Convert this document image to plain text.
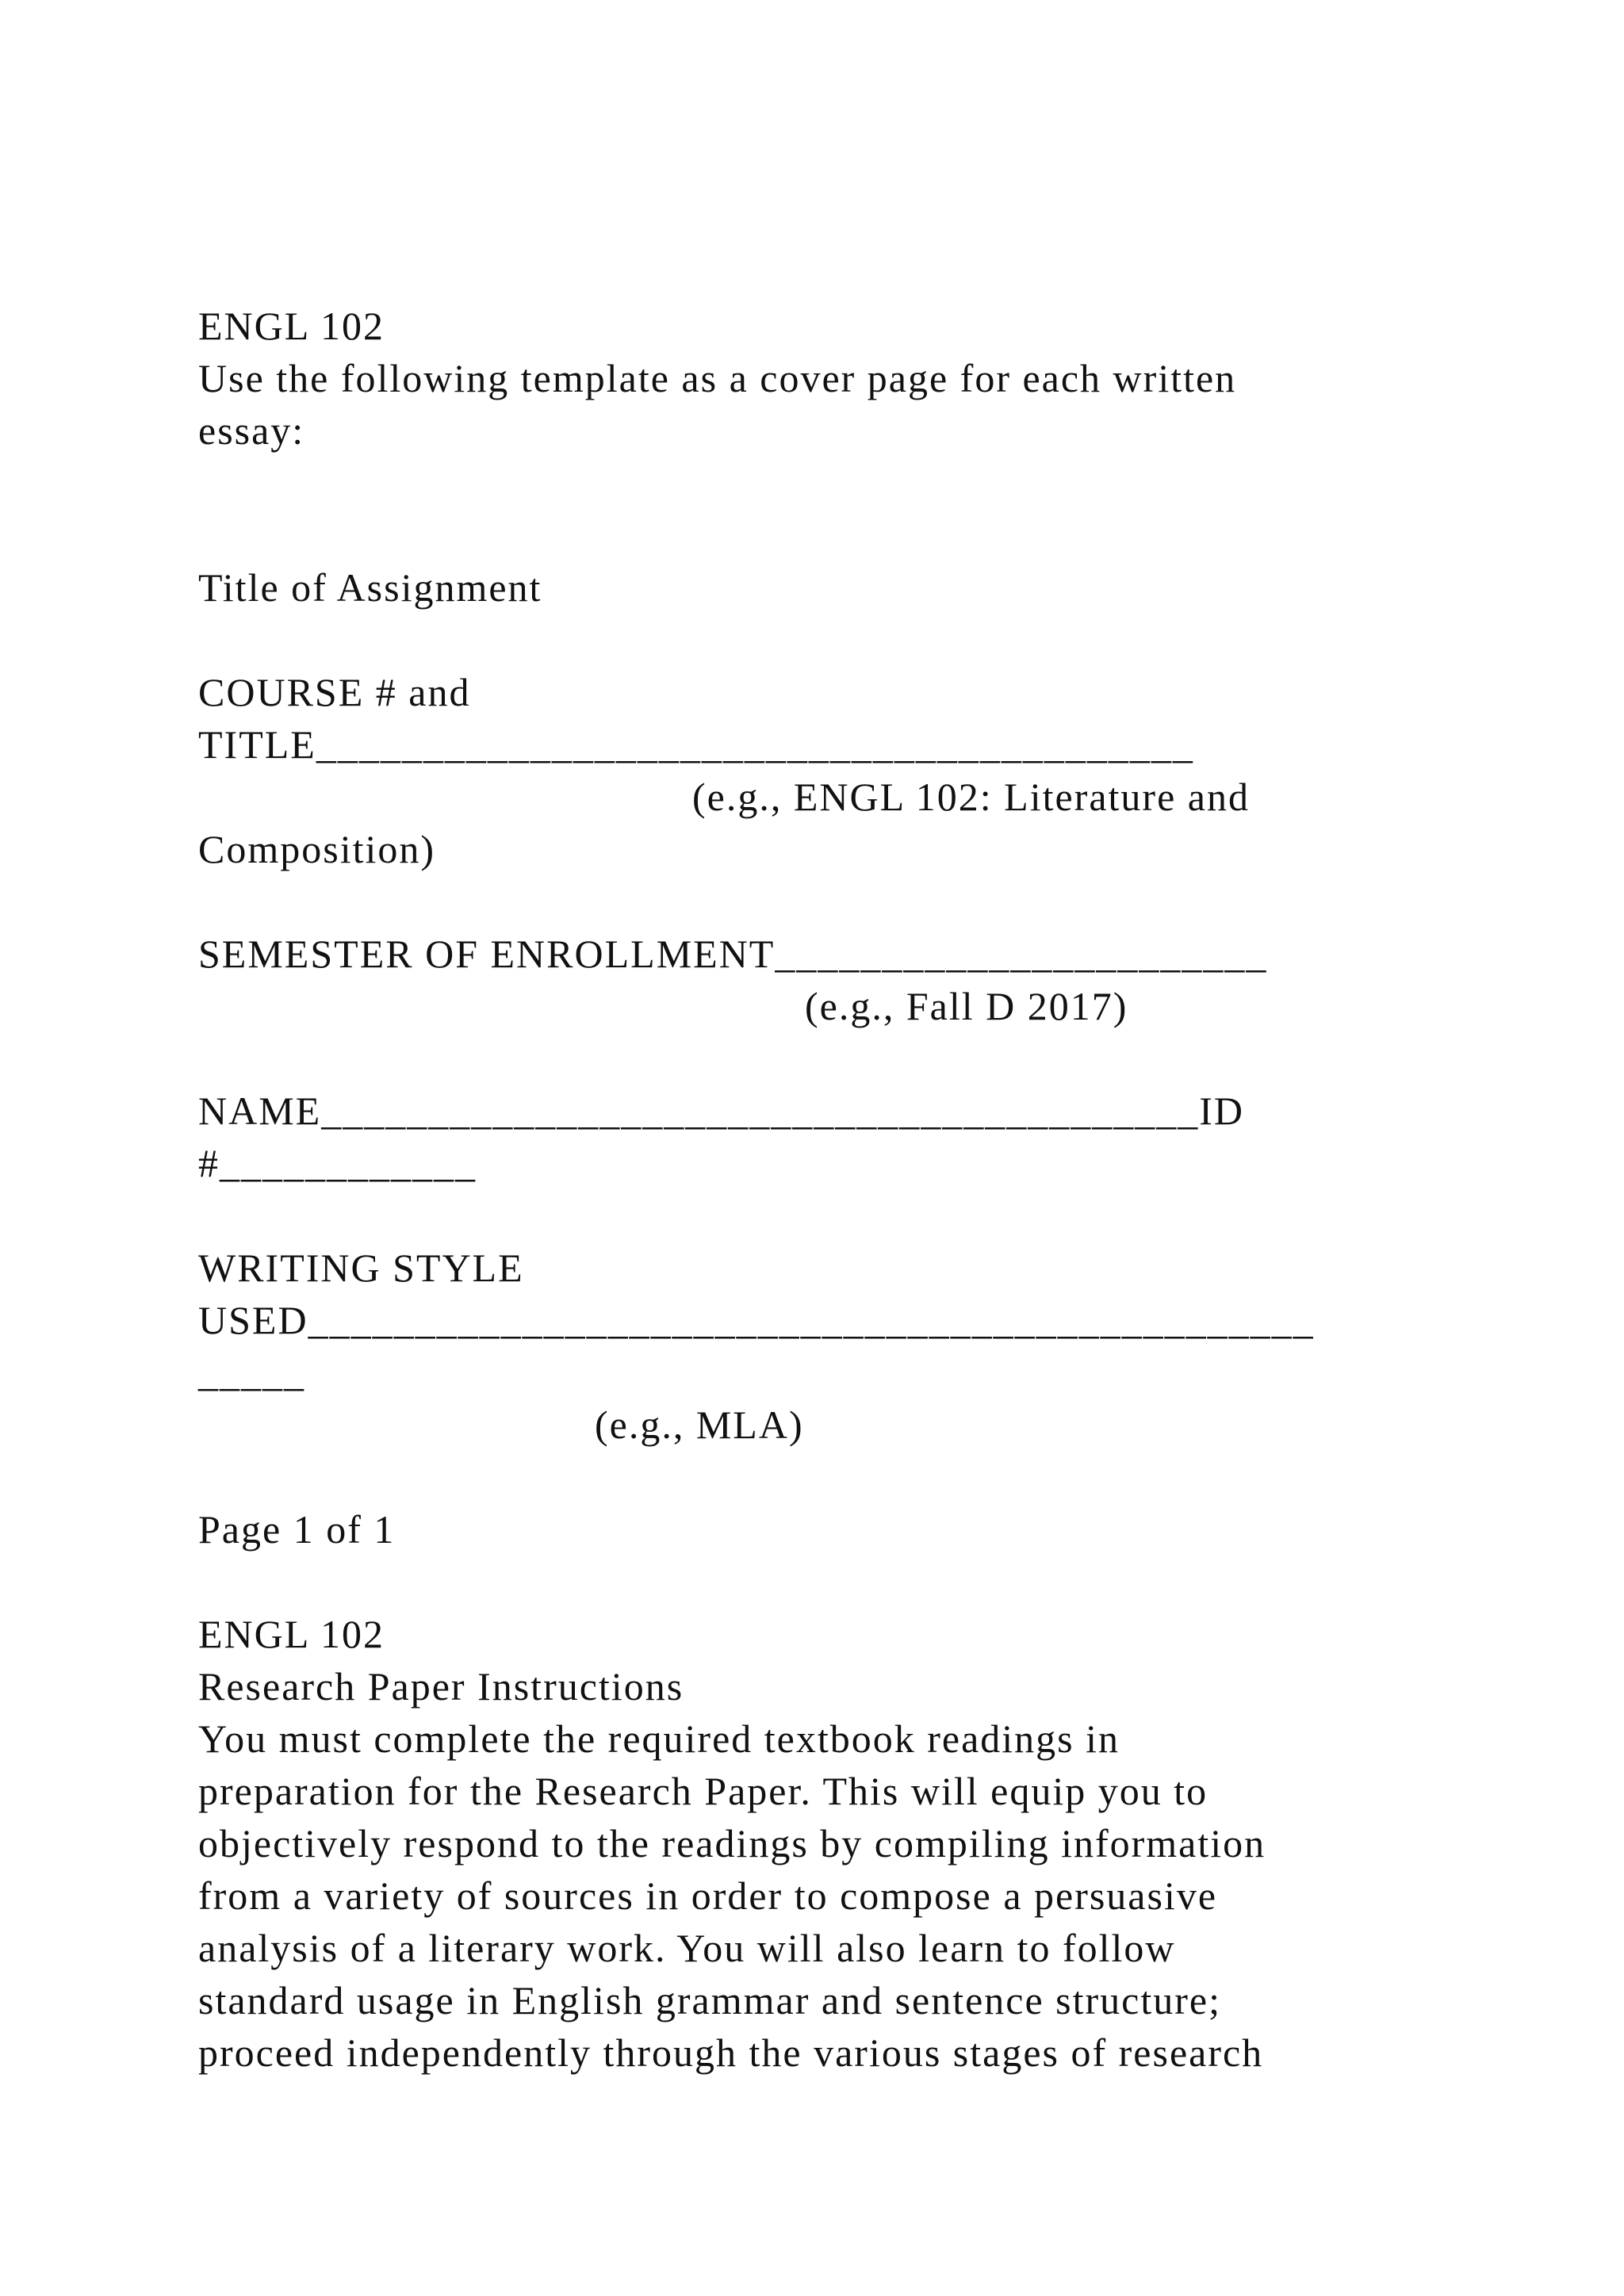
ENGL 102
Use the following template as a cover page for each written
essay:
Title of Assignment
COURSE # and
TITLE_________________________________________
(e.g., ENGL 102: Literature and
Composition)
SEMESTER OF ENROLLMENT_______________________
(e.g., Fall D 2017)
NAME_________________________________________ID
#____________
WRITING STYLE
USED_______________________________________________
_____
(e.g., MLA)
Page 1 of 1
ENGL 102
Research Paper Instructions
You must complete the required textbook readings in
preparation for the Research Paper. This will equip you to
objectively respond to the readings by compiling information
from a variety of sources in order to compose a persuasive
analysis of a literary work. You will also learn to follow
standard usage in English grammar and sentence structure;
proceed independently through the various stages of research
